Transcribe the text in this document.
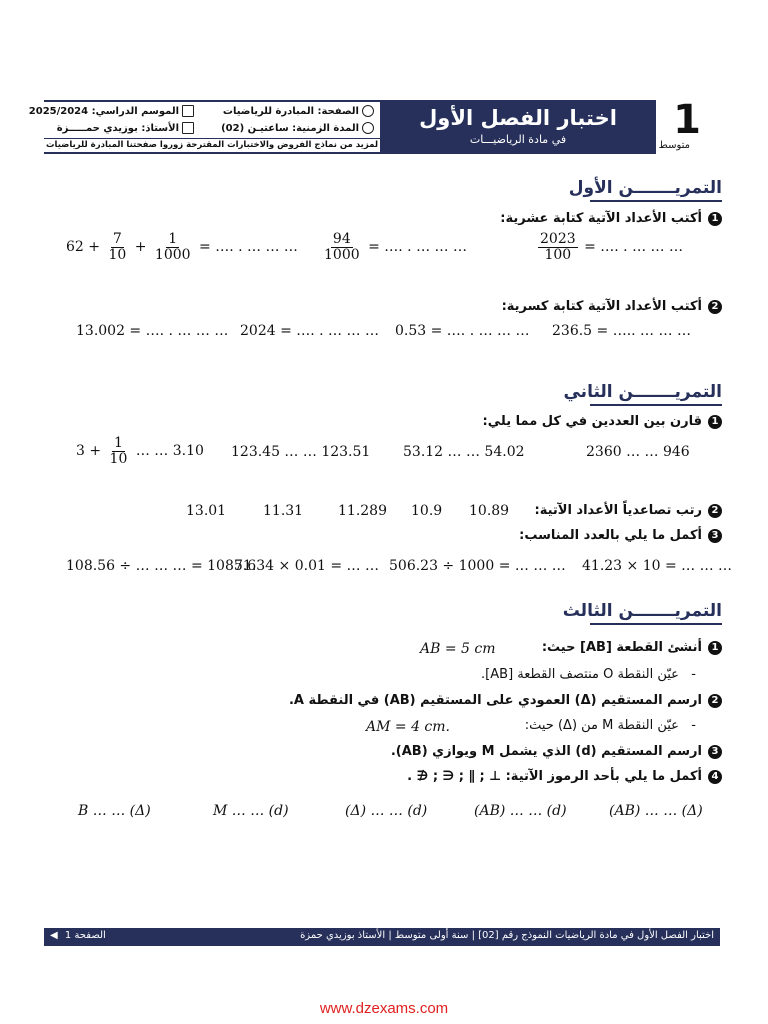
1
متوسط
اختبار الفصل الأول
في مادة الرياضيـــات
الصفحة: المبادرة للرياضيات
الموسم الدراسي: 2025/2024
المدة الزمنية: ساعتيـن (02)
الأستاذ: بوزيدي حمـــــزة
لمزيد من نماذج الفروض والاختبارات المقترحة زوروا صفحتنا المبادرة للرياضيات
التمريـــــــن الأول
1أكتب الأعداد الآتية كتابة عشرية:
$\frac{2023}{100}$ = …. . … … …
$\frac{94}{1000}$ = …. . … … …
$62 + \frac{7}{10} + \frac{1}{1000}$ = …. . … … …
2أكتب الأعداد الآتية كتابة كسرية:
236.5 = ….. … … …
0.53 = …. . … … …
2024 = …. . … … …
13.002 = …. . … … …
التمريـــــــن الثاني
1قارن بين العددين في كل مما يلي:
2360 … … 946
53.12 … … 54.02
123.45 … … 123.51
$3 + \frac{1}{10}$ … … 3.10
2رتب تصاعدياً الأعداد الآتية:
10.89
10.9
11.289
11.31
13.01
3أكمل ما يلي بالعدد المناسب:
41.23 × 10 = … … …
506.23 ÷ 1000 = … … …
71.34 × 0.01 = … …
108.56 ÷ … … … = 1085.6
التمريـــــــن الثالث
1أنشئ القطعة [AB] حيث:
AB = 5 cm
-   عيّن النقطة O منتصف القطعة [AB].
2ارسم المستقيم (Δ) العمودي على المستقيم (AB) في النقطة A.
-   عيّن النقطة M من (Δ) حيث:
AM = 4 cm.
3ارسم المستقيم (d) الذي يشمل M ويوازي (AB).
4أكمل ما يلي بأحد الرموز الآتية: ⊥ ; ∥ ; ∈ ; ∉ .
(AB) … … (Δ)
(AB) … … (d)
(Δ) … … (d)
M … … (d)
B … … (Δ)
اختبار الفصل الأول في مادة الرياضيات النموذج رقم [02] | سنة أولى متوسط | الأستاذ بوزيدي حمزة
◀ الصفحة 1
www.dzexams.com
